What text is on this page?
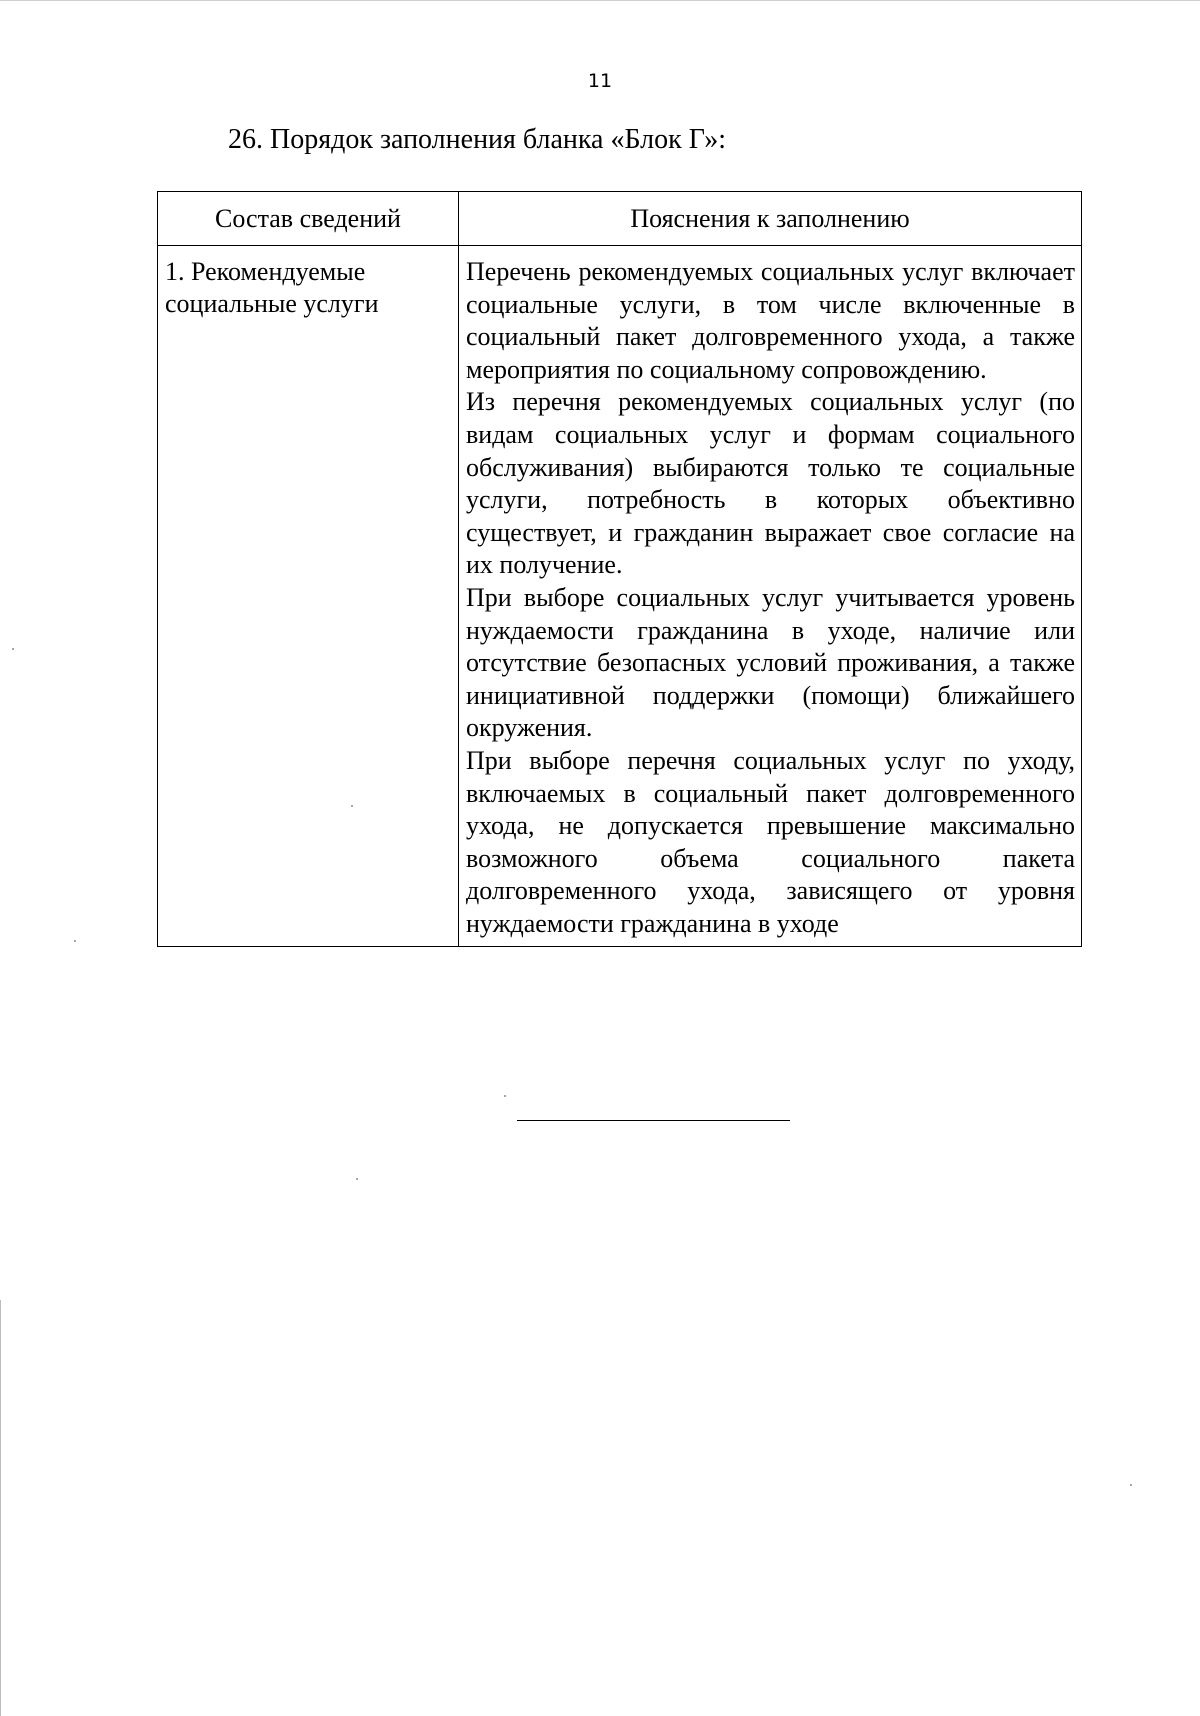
11
26. Порядок заполнения бланка «Блок Г»:
Состав сведений	Пояснения к заполнению
1. Рекомендуемые социальные услуги	Перечень рекомендуемых социальных услуг включает социальные услуги, в том числе включенные в социальный пакет долговременного ухода, а также мероприятия по социальному сопровождению.

Из перечня рекомендуемых социальных услуг (по видам социальных услуг и формам социального обслуживания) выбираются только те социальные услуги, потребность в которых объективно существует, и гражданин выражает свое согласие на их получение.

При выборе социальных услуг учитывается уровень нуждаемости гражданина в уходе, наличие или отсутствие безопасных условий проживания, а также инициативной поддержки (помощи) ближайшего окружения.

При выборе перечня социальных услуг по уходу, включаемых в социальный пакет долговременного ухода, не допускается превышение максимально возможного объема социального пакета долговременного ухода, зависящего от уровня нуждаемости гражданина в уходе
